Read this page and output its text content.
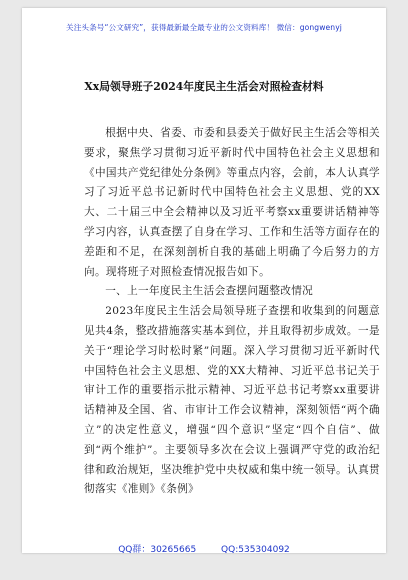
关注头条号“公文研究”，获得最新最全最专业的公文资料库！ 微信：gongwenyj
Xx局领导班子2024年度民主生活会对照检查材料

根据中央、省委、市委和县委关于做好民主生活会等相关要求，聚焦学习贯彻习近平新时代中国特色社会主义思想和《中国共产党纪律处分条例》等重点内容，会前，本人认真学习了习近平总书记新时代中国特色社会主义思想、党的XX大、二十届三中全会精神以及习近平考察xx重要讲话精神等学习内容，认真查摆了自身在学习、工作和生活等方面存在的差距和不足，在深刻剖析自我的基础上明确了今后努力的方向。现将班子对照检查情况报告如下。

一、上一年度民主生活会查摆问题整改情况

2023年度民主生活会局领导班子查摆和收集到的问题意见共4条，整改措施落实基本到位，并且取得初步成效。一是关于“理论学习时松时紧”问题。深入学习贯彻习近平新时代中国特色社会主义思想、党的XX大精神、习近平总书记关于审计工作的重要指示批示精神、习近平总书记考察xx重要讲话精神及全国、省、市审计工作会议精神，深刻领悟“两个确立”的决定性意义，增强“四个意识”坚定“四个自信”、做到“两个维护”。主要领导多次在会议上强调严守党的政治纪律和政治规矩，坚决维护党中央权威和集中统一领导。认真贯彻落实《准则》《条例》

QQ群：30265665	QQ:535304092
